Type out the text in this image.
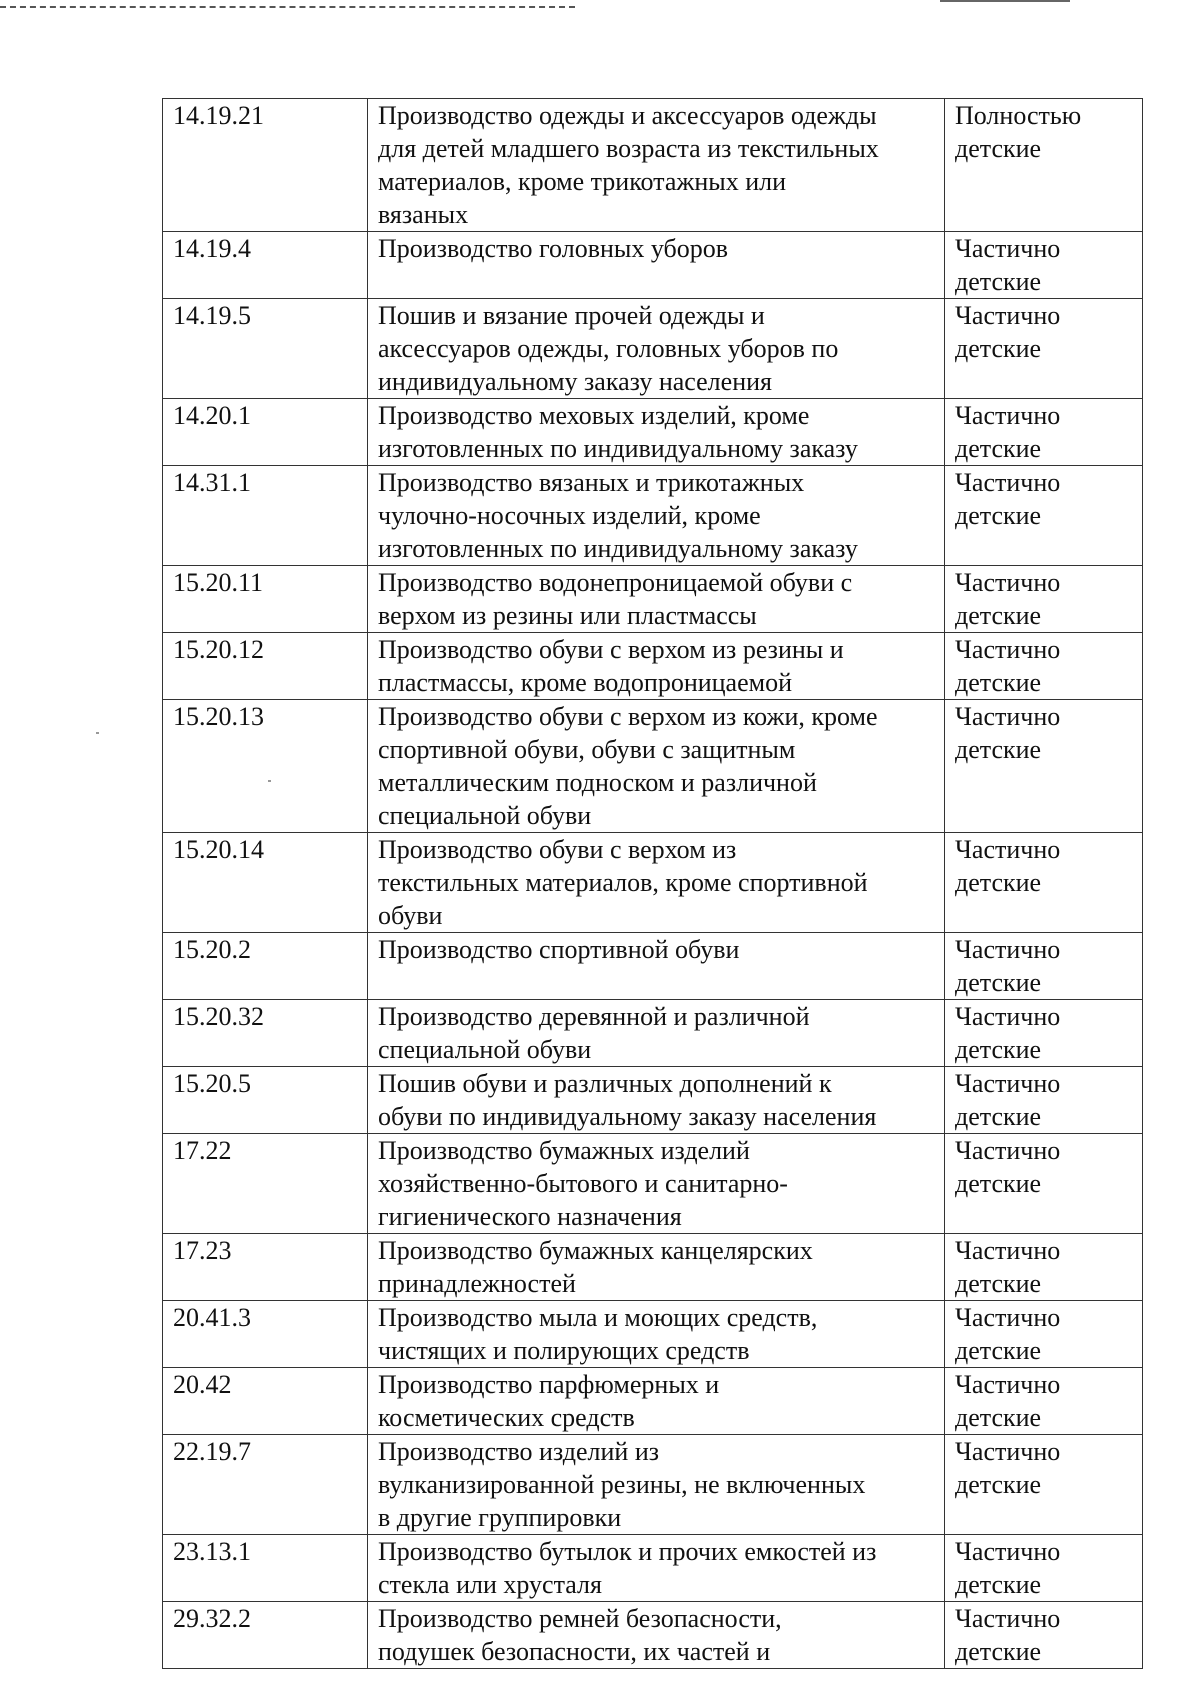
14.19.21	Производство одежды и аксессуаров одежды
для детей младшего возраста из текстильных
материалов, кроме трикотажных или
вязаных	Полностью
детские
14.19.4	Производство головных уборов	Частично
детские
14.19.5	Пошив и вязание прочей одежды и
аксессуаров одежды, головных уборов по
индивидуальному заказу населения	Частично
детские
14.20.1	Производство меховых изделий, кроме
изготовленных по индивидуальному заказу	Частично
детские
14.31.1	Производство вязаных и трикотажных
чулочно-носочных изделий, кроме
изготовленных по индивидуальному заказу	Частично
детские
15.20.11	Производство водонепроницаемой обуви с
верхом из резины или пластмассы	Частично
детские
15.20.12	Производство обуви с верхом из резины и
пластмассы, кроме водопроницаемой	Частично
детские
15.20.13	Производство обуви с верхом из кожи, кроме
спортивной обуви, обуви с защитным
металлическим подноском и различной
специальной обуви	Частично
детские
15.20.14	Производство обуви с верхом из
текстильных материалов, кроме спортивной
обуви	Частично
детские
15.20.2	Производство спортивной обуви	Частично
детские
15.20.32	Производство деревянной и различной
специальной обуви	Частично
детские
15.20.5	Пошив обуви и различных дополнений к
обуви по индивидуальному заказу населения	Частично
детские
17.22	Производство бумажных изделий
хозяйственно-бытового и санитарно-
гигиенического назначения	Частично
детские
17.23	Производство бумажных канцелярских
принадлежностей	Частично
детские
20.41.3	Производство мыла и моющих средств,
чистящих и полирующих средств	Частично
детские
20.42	Производство парфюмерных и
косметических средств	Частично
детские
22.19.7	Производство изделий из
вулканизированной резины, не включенных
в другие группировки	Частично
детские
23.13.1	Производство бутылок и прочих емкостей из
стекла или хрусталя	Частично
детские
29.32.2	Производство ремней безопасности,
подушек безопасности, их частей и	Частично
детские
